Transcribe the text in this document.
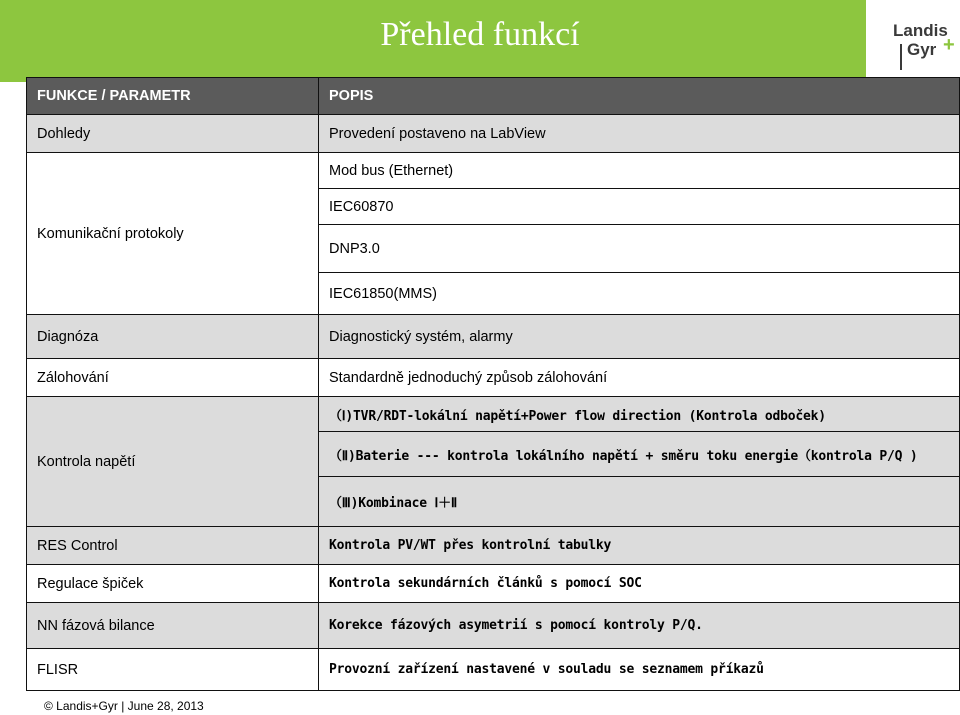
Přehled funkcí	Landis
Gyr +
FUNKCE / PARAMETR	POPIS
Dohledy	Provedení postaveno na LabView
Komunikační protokoly	Mod bus (Ethernet)
	IEC60870
	DNP3.0
	IEC61850(MMS)
Diagnóza	Diagnostický systém, alarmy
Zálohování	Standardně jednoduchý způsob zálohování
Kontrola napětí	（Ⅰ)TVR/RDT-lokální napětí+Power flow direction (Kontrola odboček)
	（Ⅱ)Baterie --- kontrola lokálního napětí + směru toku energie（kontrola P/Q )
	（Ⅲ)Kombinace Ⅰ＋Ⅱ
RES Control	Kontrola PV/WT přes kontrolní tabulky
Regulace špiček	Kontrola sekundárních článků s pomocí SOC
NN fázová bilance	Korekce fázových asymetrií s pomocí kontroly P/Q.
FLISR	Provozní zařízení nastavené v souladu se seznamem příkazů
© Landis+Gyr | June 28, 2013
